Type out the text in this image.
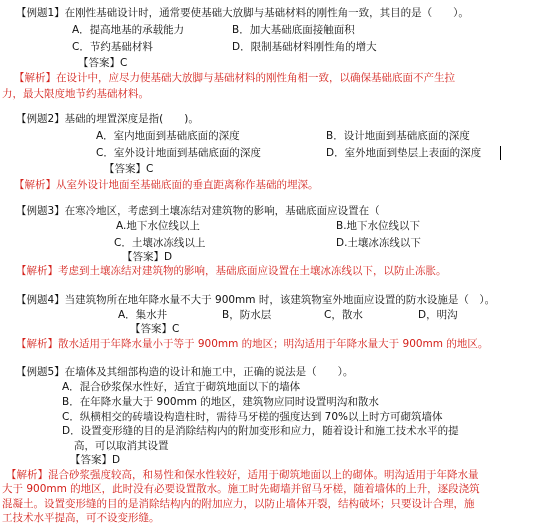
【例题1】在刚性基础设计时，通常要使基础大放脚与基础材料的刚性角一致，其目的是（　　）。
A．提高地基的承载能力	B．加大基础底面接触面积
C．节约基础材料	D．限制基础材料刚性角的增大
【答案】C
【解析】在设计中，应尽力使基础大放脚与基础材料的刚性角相一致，以确保基础底面不产生拉
力，最大限度地节约基础材料。
【例题2】基础的埋置深度是指(　　)。
A．室内地面到基础底面的深度	B．设计地面到基础底面的深度
C．室外设计地面到基础底面的深度	D．室外地面到垫层上表面的深度
【答案】C
【解析】从室外设计地面至基础底面的垂直距离称作基础的埋深。
【例题3】在寒冷地区，考虑到土壤冻结对建筑物的影响，基础底面应设置在（
A.地下水位线以上	B.地下水位线以下
C．土壤冰冻线以上	D.土壤冰冻线以下
【答案】D
【解析】考虑到土壤冻结对建筑物的影响，基础底面应设置在土壤冰冻线以下，以防止冻胀。
【例题4】当建筑物所在地年降水量不大于 900mm 时，该建筑物室外地面应设置的防水设施是（　）。
A．集水井	B，防水层	C，散水	D，明沟
【答案】C
【解析】散水适用于年降水量小于等于 900mm 的地区；明沟适用于年降水量大于 900mm 的地区。
【例题5】在墙体及其细部构造的设计和施工中，正确的说法是（　　）。
A．混合砂浆保水性好，适宜于砌筑地面以下的墙体
B．在年降水量大于 900mm 的地区，建筑物应同时设置明沟和散水
C．纵横相交的砖墙设构造柱时，需待马牙槎的强度达到 70%以上时方可砌筑墙体
D．设置变形缝的目的是消除结构内的附加变形和应力，随着设计和施工技术水平的提
高，可以取消其设置
【答案】D
【解析】混合砂浆强度较高，和易性和保水性较好，适用于砌筑地面以上的砌体。明沟适用于年降水量
大于 900mm 的地区，此时没有必要设置散水。施工时先砌墙并留马牙槎，随着墙体的上升，逐段浇筑
混凝土。设置变形缝的目的是消除结构内的附加应力，以防止墙体开裂，结构破坏；只要设计合理，施
工技术水平提高，可不设变形缝。
